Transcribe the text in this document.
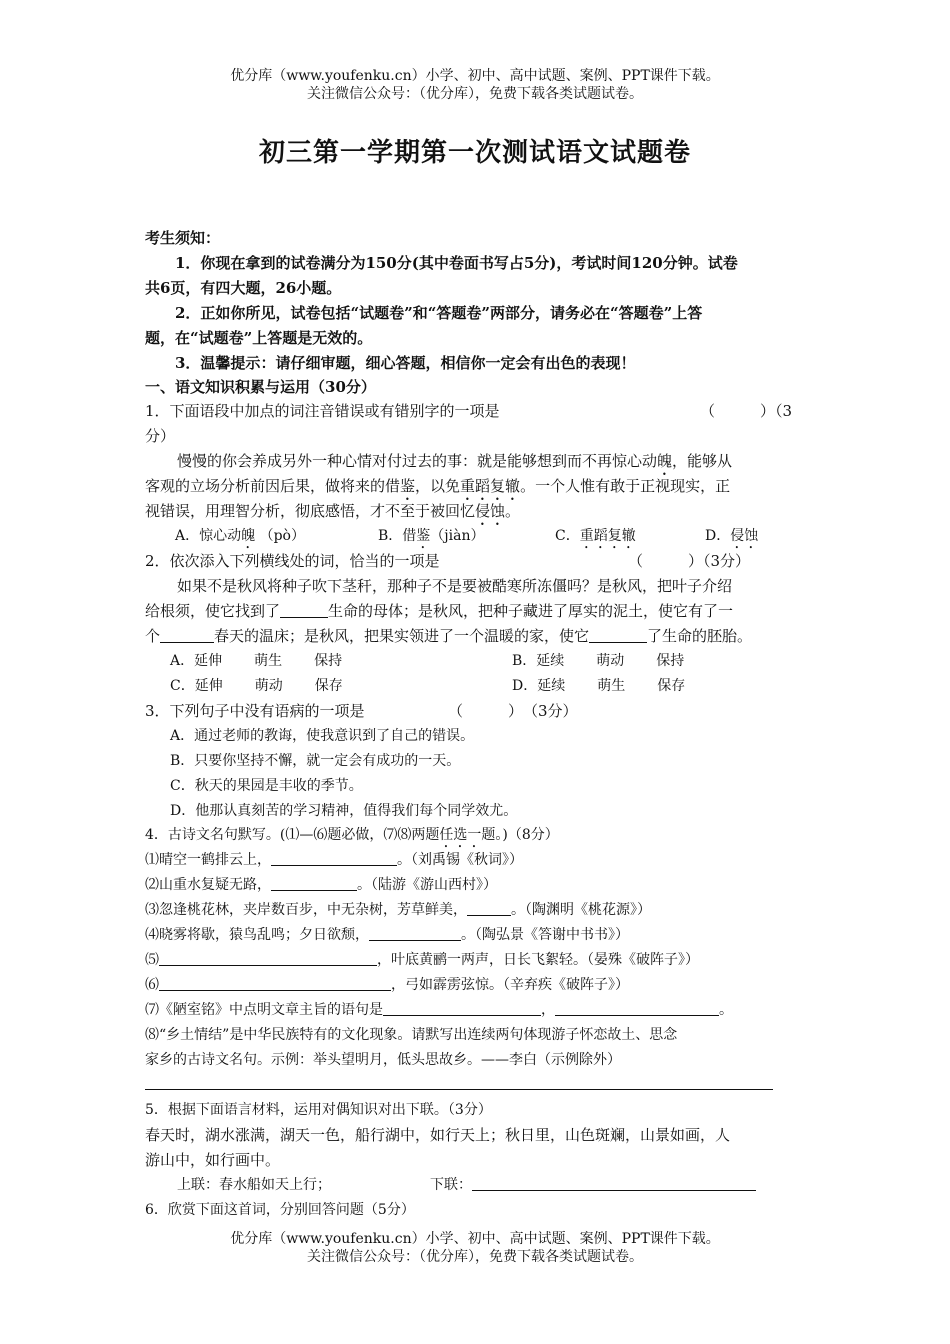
优分库（www.youfenku.cn）小学、初中、高中试题、案例、PPT课件下载。
关注微信公众号：（优分库），免费下载各类试题试卷。
初三第一学期第一次测试语文试题卷
考生须知：
1．你现在拿到的试卷满分为150分(其中卷面书写占5分)，考试时间120分钟。试卷
共6页，有四大题，26小题。
2．正如你所见，试卷包括“试题卷”和“答题卷”两部分，请务必在“答题卷”上答
题，在“试题卷”上答题是无效的。
3．温馨提示：请仔细审题，细心答题，相信你一定会有出色的表现！
一、语文知识积累与运用（30分）
1．下面语段中加点的词注音错误或有错别字的一项是	（　　　）（3
分）
慢慢的你会养成另外一种心情对付过去的事：就是能够想到而不再惊心动魄，能够从
客观的立场分析前因后果，做将来的借鉴，以免重蹈复辙。一个人惟有敢于正视现实，正
视错误，用理智分析，彻底感悟，才不至于被回忆侵蚀。
A．惊心动魄 （pò）	B．借鉴（jiàn）	C．重蹈复辙	D．侵蚀
2．依次添入下列横线处的词，恰当的一项是	（　　　）（3分）
如果不是秋风将种子吹下茎秆，那种子不是要被酷寒所冻僵吗？是秋风，把叶子介绍
给根须，使它找到了	生命的母体；是秋风，把种子藏进了厚实的泥土，使它有了一
个	春天的温床；是秋风，把果实领进了一个温暖的家，使它	了生命的胚胎。
A．延伸 萌生 保持	B．延续 萌动 保持
C．延伸 萌动 保存	D．延续 萌生 保存
3．下列句子中没有语病的一项是	（　　　）　（3分）
A．通过老师的教诲，使我意识到了自己的错误。
B．只要你坚持不懈，就一定会有成功的一天。
C．秋天的果园是丰收的季节。
D．他那认真刻苦的学习精神，值得我们每个同学效尤。
4．古诗文名句默写。(⑴—⑹题必做，⑺⑻两题任选一题。)（8分）
⑴晴空一鹤排云上，	。（刘禹锡《秋词》）
⑵山重水复疑无路，	。（陆游《游山西村》）
⑶忽逢桃花林，夹岸数百步，中无杂树，芳草鲜美，	。（陶渊明《桃花源》）
⑷晓雾将歇，猿鸟乱鸣；夕日欲颓，	。（陶弘景《答谢中书书》）
⑸	，叶底黄鹂一两声，日长飞絮轻。（晏殊《破阵子》）
⑹	，弓如霹雳弦惊。（辛弃疾《破阵子》）
⑺《陋室铭》中点明文章主旨的语句是	，	。
⑻“乡土情结”是中华民族特有的文化现象。请默写出连续两句体现游子怀恋故土、思念
家乡的古诗文名句。示例：举头望明月，低头思故乡。——李白（示例除外）
5．根据下面语言材料，运用对偶知识对出下联。（3分）
春天时，湖水涨满，湖天一色，船行湖中，如行天上；秋日里，山色斑斓，山景如画，人
游山中，如行画中。
上联：春水船如天上行；	下联：
6．欣赏下面这首词，分别回答问题（5分）
优分库（www.youfenku.cn）小学、初中、高中试题、案例、PPT课件下载。
关注微信公众号：（优分库），免费下载各类试题试卷。
